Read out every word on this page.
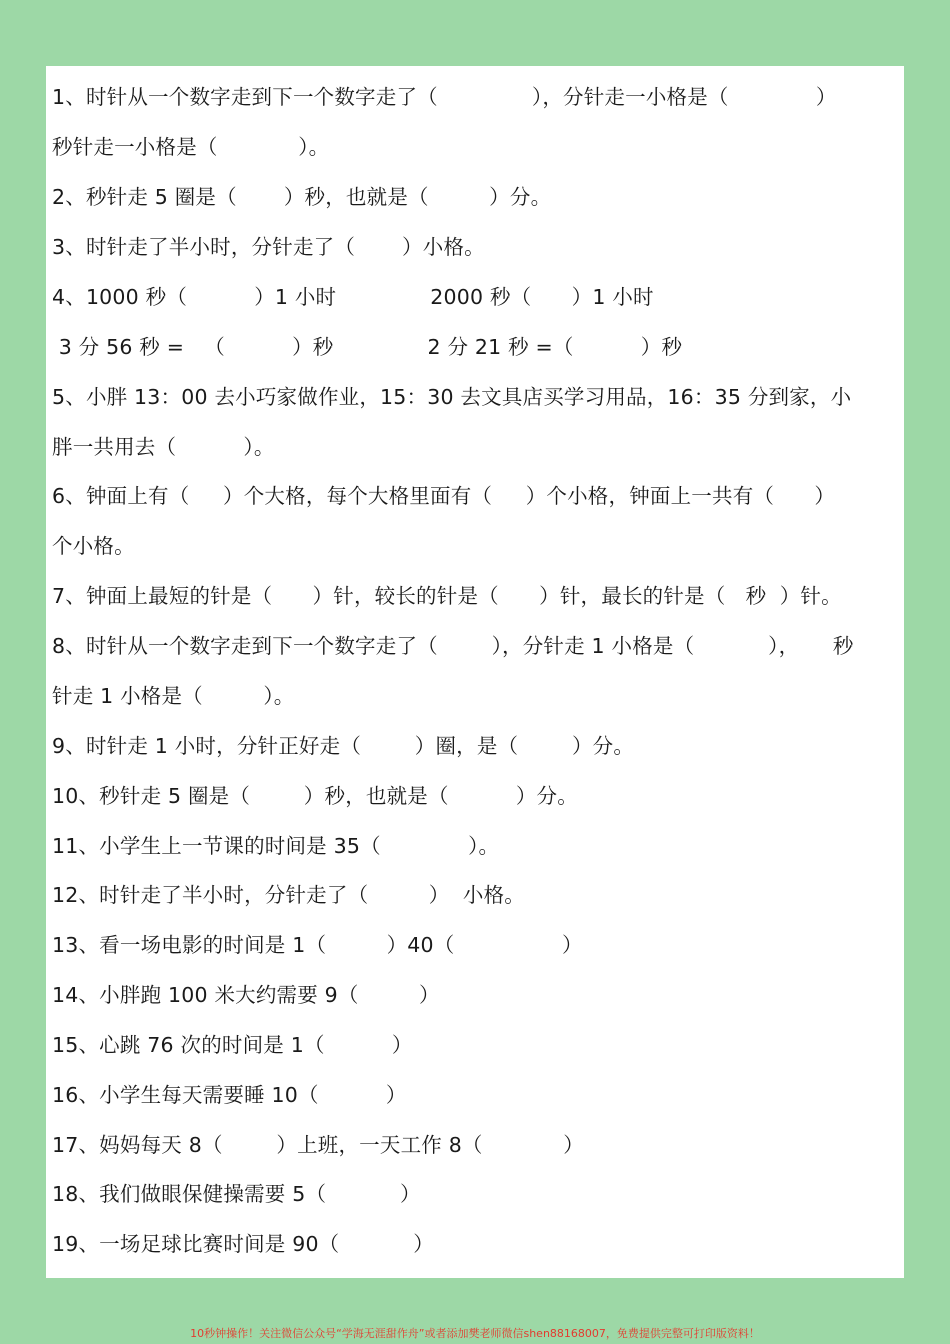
1、时针从一个数字走到下一个数字走了（              ），分针走一小格是（             ）
秒针走一小格是（            ）。
2、秒针走 5 圈是（       ）秒，也就是（         ）分。
3、时针走了半小时，分针走了（       ）小格。
4、1000 秒（          ）1 小时              2000 秒（      ）1 小时
3 分 56 秒 =   （          ）秒              2 分 21 秒 =（          ）秒
5、小胖 13：00 去小巧家做作业，15：30 去文具店买学习用品，16：35 分到家，小
胖一共用去（          ）。
6、钟面上有（     ）个大格，每个大格里面有（     ）个小格，钟面上一共有（      ）
个小格。
7、钟面上最短的针是（      ）针，较长的针是（      ）针，最长的针是（   秒  ）针。
8、时针从一个数字走到下一个数字走了（        ），分针走 1 小格是（           ），     秒
针走 1 小格是（         ）。
9、时针走 1 小时，分针正好走（        ）圈，是（        ）分。
10、秒针走 5 圈是（        ）秒，也就是（          ）分。
11、小学生上一节课的时间是 35（             ）。
12、时针走了半小时，分针走了（         ）  小格。
13、看一场电影的时间是 1（         ）40（                ）
14、小胖跑 100 米大约需要 9（         ）
15、心跳 76 次的时间是 1（          ）
16、小学生每天需要睡 10（          ）
17、妈妈每天 8（        ）上班，一天工作 8（            ）
18、我们做眼保健操需要 5（           ）
19、一场足球比赛时间是 90（           ）
10秒钟操作！关注微信公众号“学海无涯甜作舟”或者添加樊老师微信shen88168007，免费提供完整可打印版资料！
